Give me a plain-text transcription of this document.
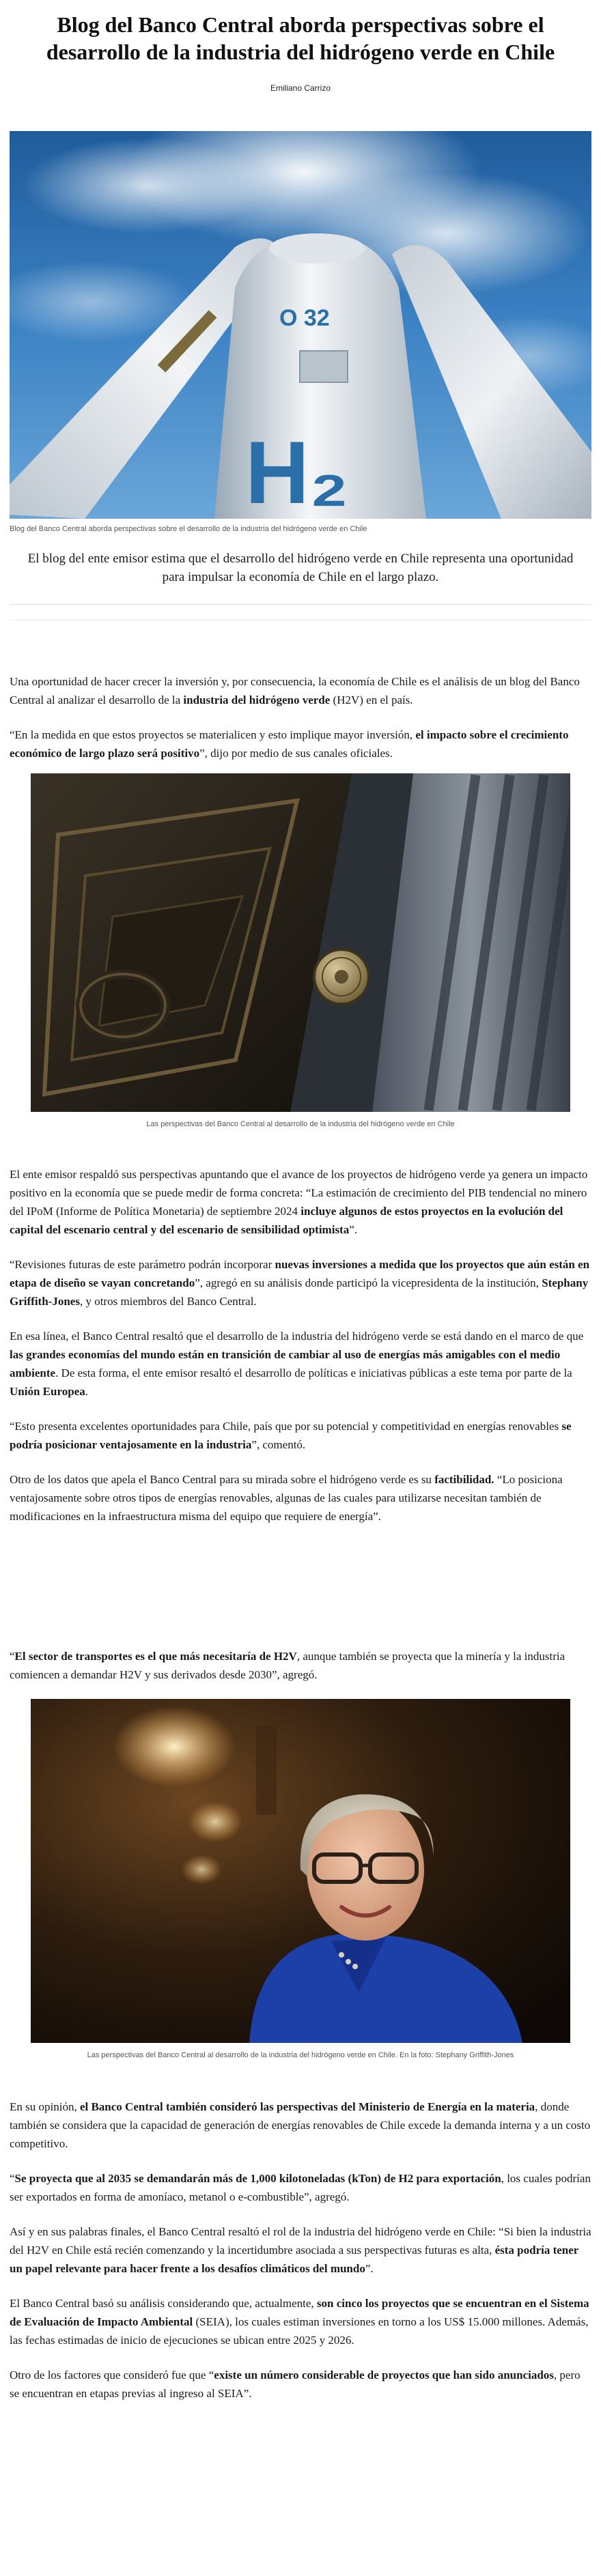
Blog del Banco Central aborda perspectivas sobre el desarrollo de la industria del hidrógeno verde en Chile
Emiliano Carrizo
O 32
H₂
Blog del Banco Central aborda perspectivas sobre el desarrollo de la industria del hidrógeno verde en Chile
El blog del ente emisor estima que el desarrollo del hidrógeno verde en Chile representa una oportunidad para impulsar la economía de Chile en el largo plazo.

Una oportunidad de hacer crecer la inversión y, por consecuencia, la economía de Chile es el análisis de un blog del Banco Central al analizar el desarrollo de la industria del hidrógeno verde (H2V) en el país.

“En la medida en que estos proyectos se materialicen y esto implique mayor inversión, el impacto sobre el crecimiento económico de largo plazo será positivo”, dijo por medio de sus canales oficiales.

Las perspectivas del Banco Central al desarrollo de la industria del hidrógeno verde en Chile

El ente emisor respaldó sus perspectivas apuntando que el avance de los proyectos de hidrógeno verde ya genera un impacto positivo en la economía que se puede medir de forma concreta: “La estimación de crecimiento del PIB tendencial no minero del IPoM (Informe de Política Monetaria) de septiembre 2024 incluye algunos de estos proyectos en la evolución del capital del escenario central y del escenario de sensibilidad optimista”.

“Revisiones futuras de este parámetro podrán incorporar nuevas inversiones a medida que los proyectos que aún están en etapa de diseño se vayan concretando”, agregó en su análisis donde participó la vicepresidenta de la institución, Stephany Griffith-Jones, y otros miembros del Banco Central.

En esa línea, el Banco Central resaltó que el desarrollo de la industria del hidrógeno verde se está dando en el marco de que las grandes economías del mundo están en transición de cambiar al uso de energías más amigables con el medio ambiente. De esta forma, el ente emisor resaltó el desarrollo de políticas e iniciativas públicas a este tema por parte de la Unión Europea.

“Esto presenta excelentes oportunidades para Chile, país que por su potencial y competitividad en energías renovables se podría posicionar ventajosamente en la industria”, comentó.

Otro de los datos que apela el Banco Central para su mirada sobre el hidrógeno verde es su factibilidad. “Lo posiciona ventajosamente sobre otros tipos de energías renovables, algunas de las cuales para utilizarse necesitan también de modificaciones en la infraestructura misma del equipo que requiere de energía”.

“El sector de transportes es el que más necesitaría de H2V, aunque también se proyecta que la minería y la industria comiencen a demandar H2V y sus derivados desde 2030”, agregó.

Las perspectivas del Banco Central al desarrollo de la industria del hidrógeno verde en Chile. En la foto: Stephany Griffith-Jones

En su opinión, el Banco Central también consideró las perspectivas del Ministerio de Energía en la materia, donde también se considera que la capacidad de generación de energías renovables de Chile excede la demanda interna y a un costo competitivo.

“Se proyecta que al 2035 se demandarán más de 1,000 kilotoneladas (kTon) de H2 para exportación, los cuales podrían ser exportados en forma de amoníaco, metanol o e-combustible”, agregó.

Así y en sus palabras finales, el Banco Central resaltó el rol de la industria del hidrógeno verde en Chile: “Si bien la industria del H2V en Chile está recién comenzando y la incertidumbre asociada a sus perspectivas futuras es alta, ésta podría tener un papel relevante para hacer frente a los desafíos climáticos del mundo”.

El Banco Central basó su análisis considerando que, actualmente, son cinco los proyectos que se encuentran en el Sistema de Evaluación de Impacto Ambiental (SEIA), los cuales estiman inversiones en torno a los US$ 15.000 millones. Además, las fechas estimadas de inicio de ejecuciones se ubican entre 2025 y 2026.

Otro de los factores que consideró fue que “existe un número considerable de proyectos que han sido anunciados, pero se encuentran en etapas previas al ingreso al SEIA”.
